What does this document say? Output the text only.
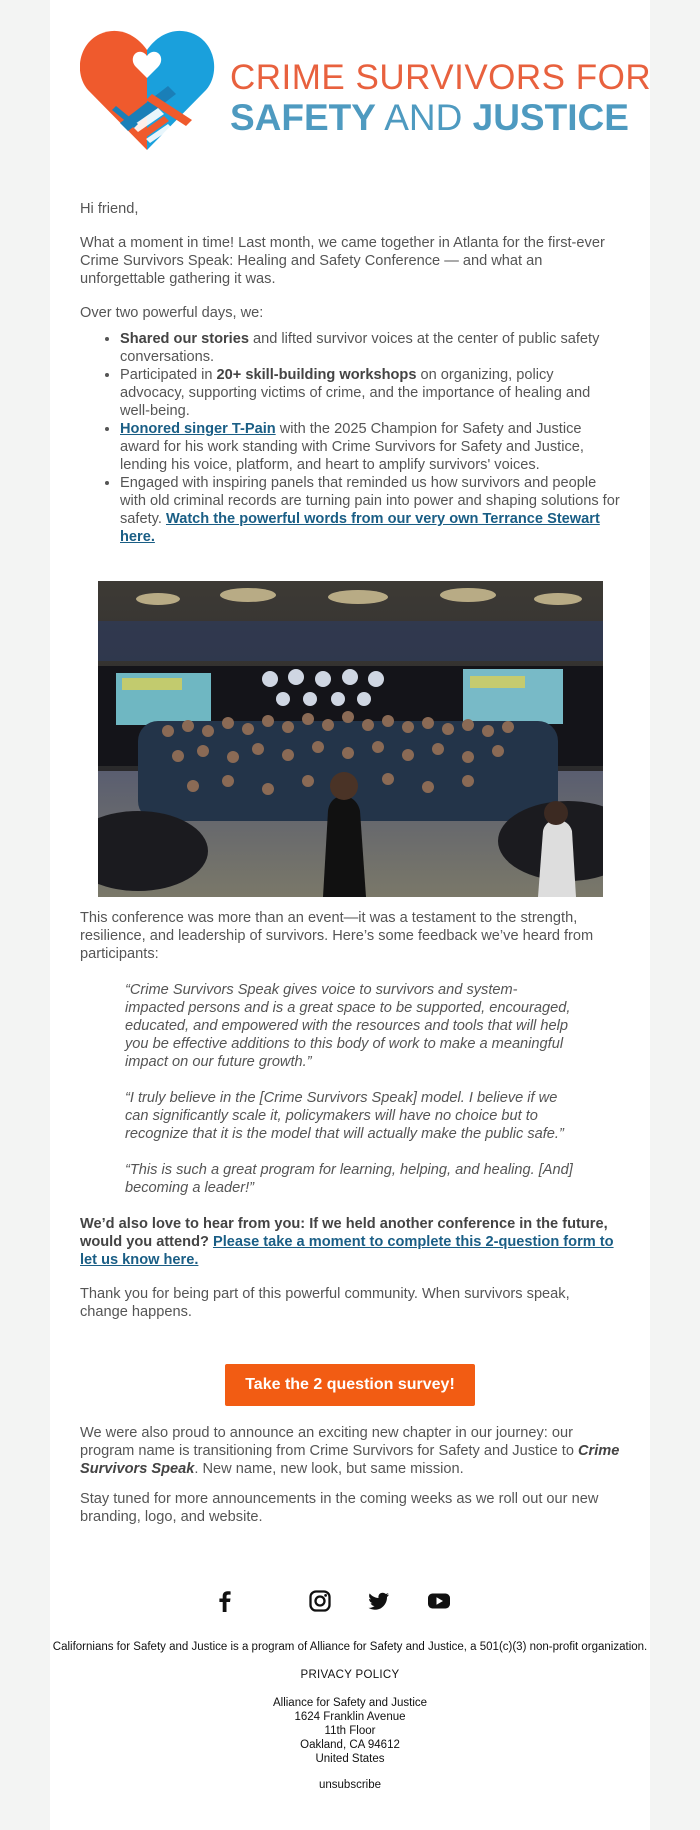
CRIME SURVIVORS FOR
SAFETY AND JUSTICE

Hi friend,

What a moment in time! Last month, we came together in Atlanta for the first-ever Crime Survivors Speak: Healing and Safety Conference — and what an unforgettable gathering it was.

Over two powerful days, we:

• Shared our stories and lifted survivor voices at the center of public safety conversations.
• Participated in 20+ skill-building workshops on organizing, policy advocacy, supporting victims of crime, and the importance of healing and well-being.
• Honored singer T-Pain with the 2025 Champion for Safety and Justice award for his work standing with Crime Survivors for Safety and Justice, lending his voice, platform, and heart to amplify survivors' voices.
• Engaged with inspiring panels that reminded us how survivors and people with old criminal records are turning pain into power and shaping solutions for safety. Watch the powerful words from our very own Terrance Stewart here.

This conference was more than an event—it was a testament to the strength, resilience, and leadership of survivors. Here’s some feedback we’ve heard from participants:

“Crime Survivors Speak gives voice to survivors and system-impacted persons and is a great space to be supported, encouraged, educated, and empowered with the resources and tools that will help you be effective additions to this body of work to make a meaningful impact on our future growth.”

“I truly believe in the [Crime Survivors Speak] model. I believe if we can significantly scale it, policymakers will have no choice but to recognize that it is the model that will actually make the public safe.”

“This is such a great program for learning, helping, and healing. [And] becoming a leader!”

We’d also love to hear from you: If we held another conference in the future, would you attend? Please take a moment to complete this 2-question form to let us know here.

Thank you for being part of this powerful community. When survivors speak, change happens.

Take the 2 question survey!

We were also proud to announce an exciting new chapter in our journey: our program name is transitioning from Crime Survivors for Safety and Justice to Crime Survivors Speak. New name, new look, but same mission.

Stay tuned for more announcements in the coming weeks as we roll out our new branding, logo, and website.

Californians for Safety and Justice is a program of Alliance for Safety and Justice, a 501(c)(3) non-profit organization.

PRIVACY POLICY

Alliance for Safety and Justice

1624 Franklin Avenue

11th Floor

Oakland, CA 94612

United States

unsubscribe
